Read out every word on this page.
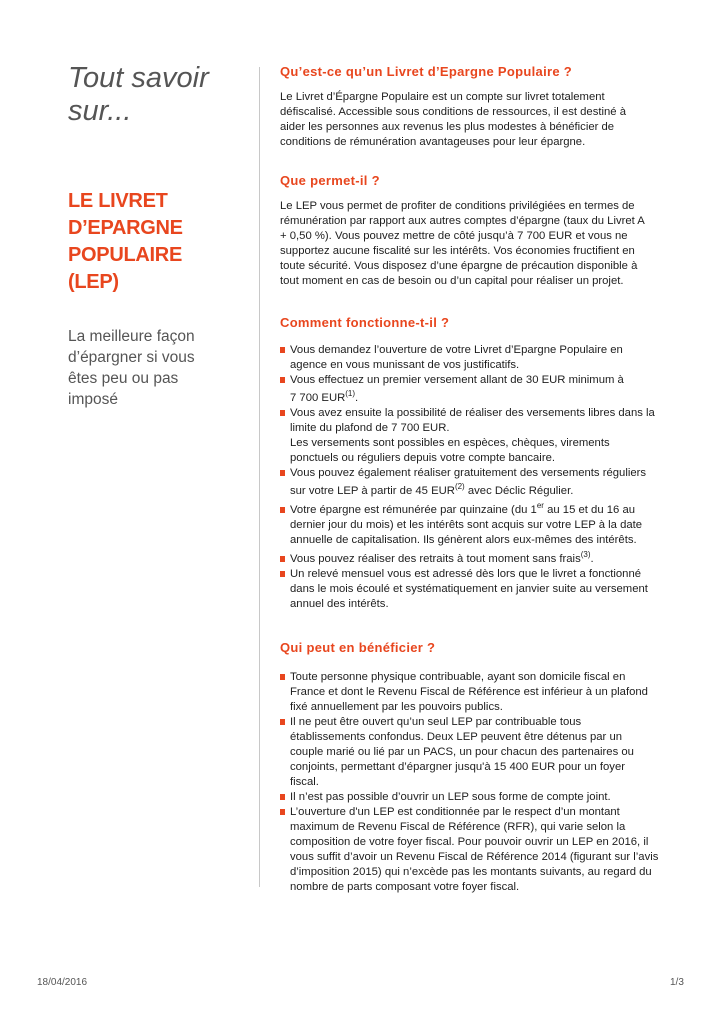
Tout savoir
sur...
LE LIVRET
D’EPARGNE
POPULAIRE
(LEP)
La meilleure façon
d’épargner si vous
êtes peu ou pas
imposé
Qu’est-ce qu’un Livret d’Epargne Populaire ?
Le Livret d’Épargne Populaire est un compte sur livret totalement
défiscalisé. Accessible sous conditions de ressources, il est destiné à
aider les personnes aux revenus les plus modestes à bénéficier de
conditions de rémunération avantageuses pour leur épargne.
Que permet-il ?
Le LEP vous permet de profiter de conditions privilégiées en termes de
rémunération par rapport aux autres comptes d’épargne (taux du Livret A
+ 0,50 %). Vous pouvez mettre de côté jusqu’à 7 700 EUR et vous ne
supportez aucune fiscalité sur les intérêts. Vos économies fructifient en
toute sécurité. Vous disposez d’une épargne de précaution disponible à
tout moment en cas de besoin ou d’un capital pour réaliser un projet.
Comment fonctionne-t-il ?
Vous demandez l’ouverture de votre Livret d’Epargne Populaire en
agence en vous munissant de vos justificatifs.
Vous effectuez un premier versement allant de 30 EUR minimum à
7 700 EUR$^{(1)}$.
Vous avez ensuite la possibilité de réaliser des versements libres dans la
limite du plafond de 7 700 EUR.
Les versements sont possibles en espèces, chèques, virements
ponctuels ou réguliers depuis votre compte bancaire.
Vous pouvez également réaliser gratuitement des versements réguliers
sur votre LEP à partir de 45 EUR$^{(2)}$ avec Déclic Régulier.
Votre épargne est rémunérée par quinzaine (du 1er au 15 et du 16 au
dernier jour du mois) et les intérêts sont acquis sur votre LEP à la date
annuelle de capitalisation. Ils génèrent alors eux-mêmes des intérêts.
Vous pouvez réaliser des retraits à tout moment sans frais$^{(3)}$.
Un relevé mensuel vous est adressé dès lors que le livret a fonctionné
dans le mois écoulé et systématiquement en janvier suite au versement
annuel des intérêts.
Qui peut en bénéficier ?
Toute personne physique contribuable, ayant son domicile fiscal en
France et dont le Revenu Fiscal de Référence est inférieur à un plafond
fixé annuellement par les pouvoirs publics.
Il ne peut être ouvert qu’un seul LEP par contribuable tous
établissements confondus. Deux LEP peuvent être détenus par un
couple marié ou lié par un PACS, un pour chacun des partenaires ou
conjoints, permettant d’épargner jusqu'à 15 400 EUR pour un foyer
fiscal.
Il n’est pas possible d’ouvrir un LEP sous forme de compte joint.
L’ouverture d'un LEP est conditionnée par le respect d’un montant
maximum de Revenu Fiscal de Référence (RFR), qui varie selon la
composition de votre foyer fiscal. Pour pouvoir ouvrir un LEP en 2016, il
vous suffit d’avoir un Revenu Fiscal de Référence 2014 (figurant sur l’avis
d’imposition 2015) qui n’excède pas les montants suivants, au regard du
nombre de parts composant votre foyer fiscal.
18/04/2016	1/3
